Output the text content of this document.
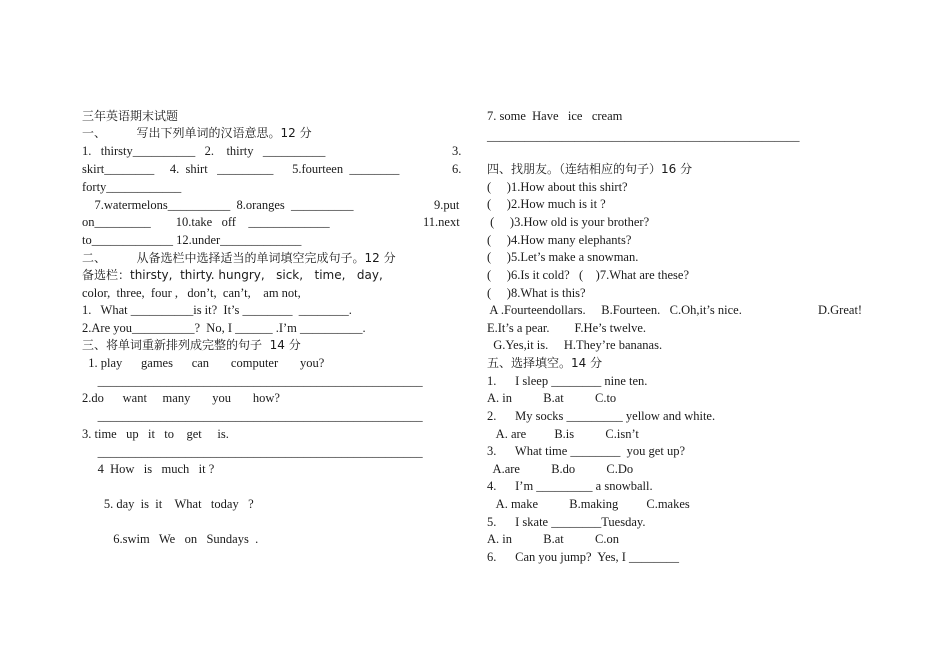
三年英语期末试题
一、        写出下列单词的汉语意思。12 分
1.   thirsty__________   2.    thirty   __________	3.
skirt________     4.  shirt   _________      5.fourteen  ________	6.
forty____________
7.watermelons__________  8.oranges  __________	9.put
on_________        10.take   off    _____________	11.next
to_____________ 12.under_____________
二、        从备选栏中选择适当的单词填空完成句子。12 分
备选栏：thirsty,  thirty. hungry,   sick,   time,   day,
color,  three,  four ,   don’t,  can’t,    am not,
1.   What __________is it?  It’s ________  ________.
2.Are you__________?  No, I ______ .I’m __________.
三、将单词重新排列成完整的句子  14 分
1. play      games      can       computer       you?
____________________________________________________
2.do      want     many       you       how?
____________________________________________________
3. time   up   it   to    get     is.
____________________________________________________
4  How   is   much   it ?
5. day  is  it    What   today   ?
6.swim   We   on   Sundays  .
7. some  Have   ice   cream
__________________________________________________
四、找朋友。（连结相应的句子）16 分
(     )1.How about this shirt?
(     )2.How much is it ?
(     )3.How old is your brother?
(     )4.How many elephants?
(     )5.Let’s make a snowman.
(     )6.Is it cold?   (    )7.What are these?
(     )8.What is this?
A .Fourteendollars.     B.Fourteen.   C.Oh,it’s nice.	D.Great!
E.It’s a pear.        F.He’s twelve.
G.Yes,it is.     H.They’re bananas.
五、选择填空。14 分
1.      I sleep ________ nine ten.
A. in          B.at          C.to
2.      My socks _________ yellow and white.
A. are         B.is          C.isn’t
3.      What time ________  you get up?
A.are          B.do          C.Do
4.      I’m _________ a snowball.
A. make          B.making         C.makes
5.      I skate ________Tuesday.
A. in          B.at          C.on
6.      Can you jump?  Yes, I ________
